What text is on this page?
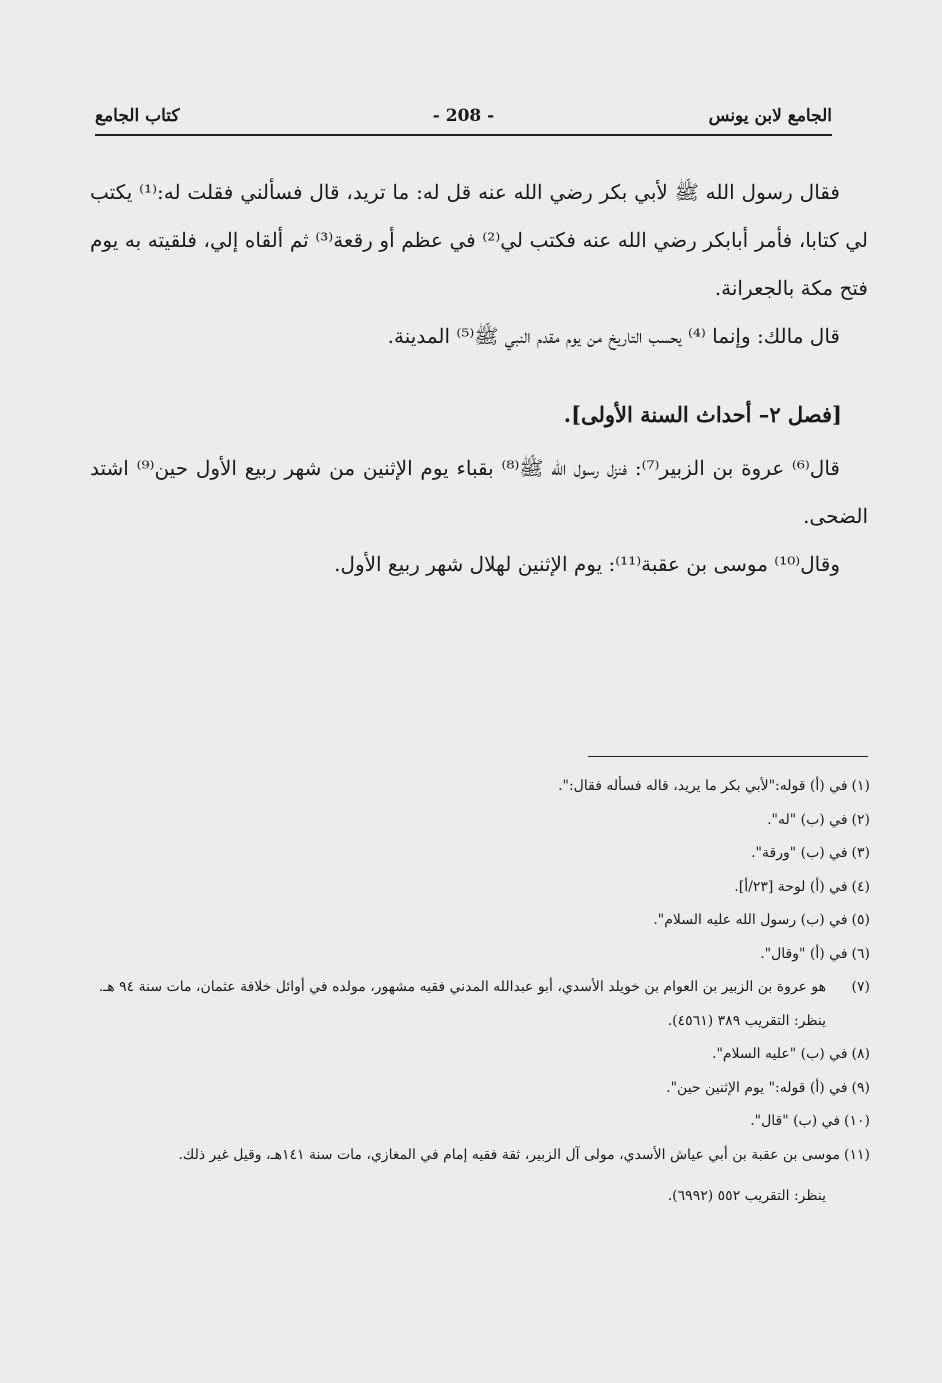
الجامع لابن يونس
- 208 -
كتاب الجامع

فقال رسول الله ﷺ لأبي بكر رضي الله عنه قل له: ما تريد، قال فسألني فقلت له:⁽¹⁾ يكتب لي كتابا، فأمر أبابكر رضي الله عنه فكتب لي⁽²⁾ في عظم أو رقعة⁽³⁾ ثم ألقاه إلي، فلقيته به يوم فتح مكة بالجعرانة.

قال مالك: وإنما ⁽⁴⁾ يحسب التاريخ من يوم مقدم النبي ﷺ⁽⁵⁾ المدينة.

[فصل ٢– أحداث السنة الأولى].

قال⁽⁶⁾ عروة بن الزبير⁽⁷⁾: فنزل رسول الله ﷺ⁽⁸⁾ بقباء يوم الإثنين من شهر ربيع الأول حين⁽⁹⁾ اشتد الضحى.

وقال⁽¹⁰⁾ موسى بن عقبة⁽¹¹⁾: يوم الإثنين لهلال شهر ربيع الأول.

(١)
في (أ) قوله:"لأبي بكر ما يريد، قاله فسأله فقال:".
(٢)
في (ب) "له".
(٣)
في (ب) "ورقة".
(٤)
في (أ) لوحة [٢٣/أ].
(٥)
في (ب) رسول الله عليه السلام".
(٦)
في (أ) "وقال".
(٧)
هو عروة بن الزبير بن العوام بن خويلد الأسدي، أبو عبدالله المدني فقيه مشهور، مولده في أوائل خلافة عثمان، مات سنة ٩٤ هـ.

ينظر: التقريب ٣٨٩ (٤٥٦١).

(٨)
في (ب) "عليه السلام".
(٩)
في (أ) قوله:" يوم الإثنين حين".
(١٠)
في (ب) "قال".
(١١)
موسى بن عقبة بن أبي عياش الأسدي، مولى آل الزبير، ثقة فقيه إمام في المغازي، مات سنة ١٤١هـ، وقيل غير ذلك.

ينظر: التقريب ٥٥٢ (٦٩٩٢).
